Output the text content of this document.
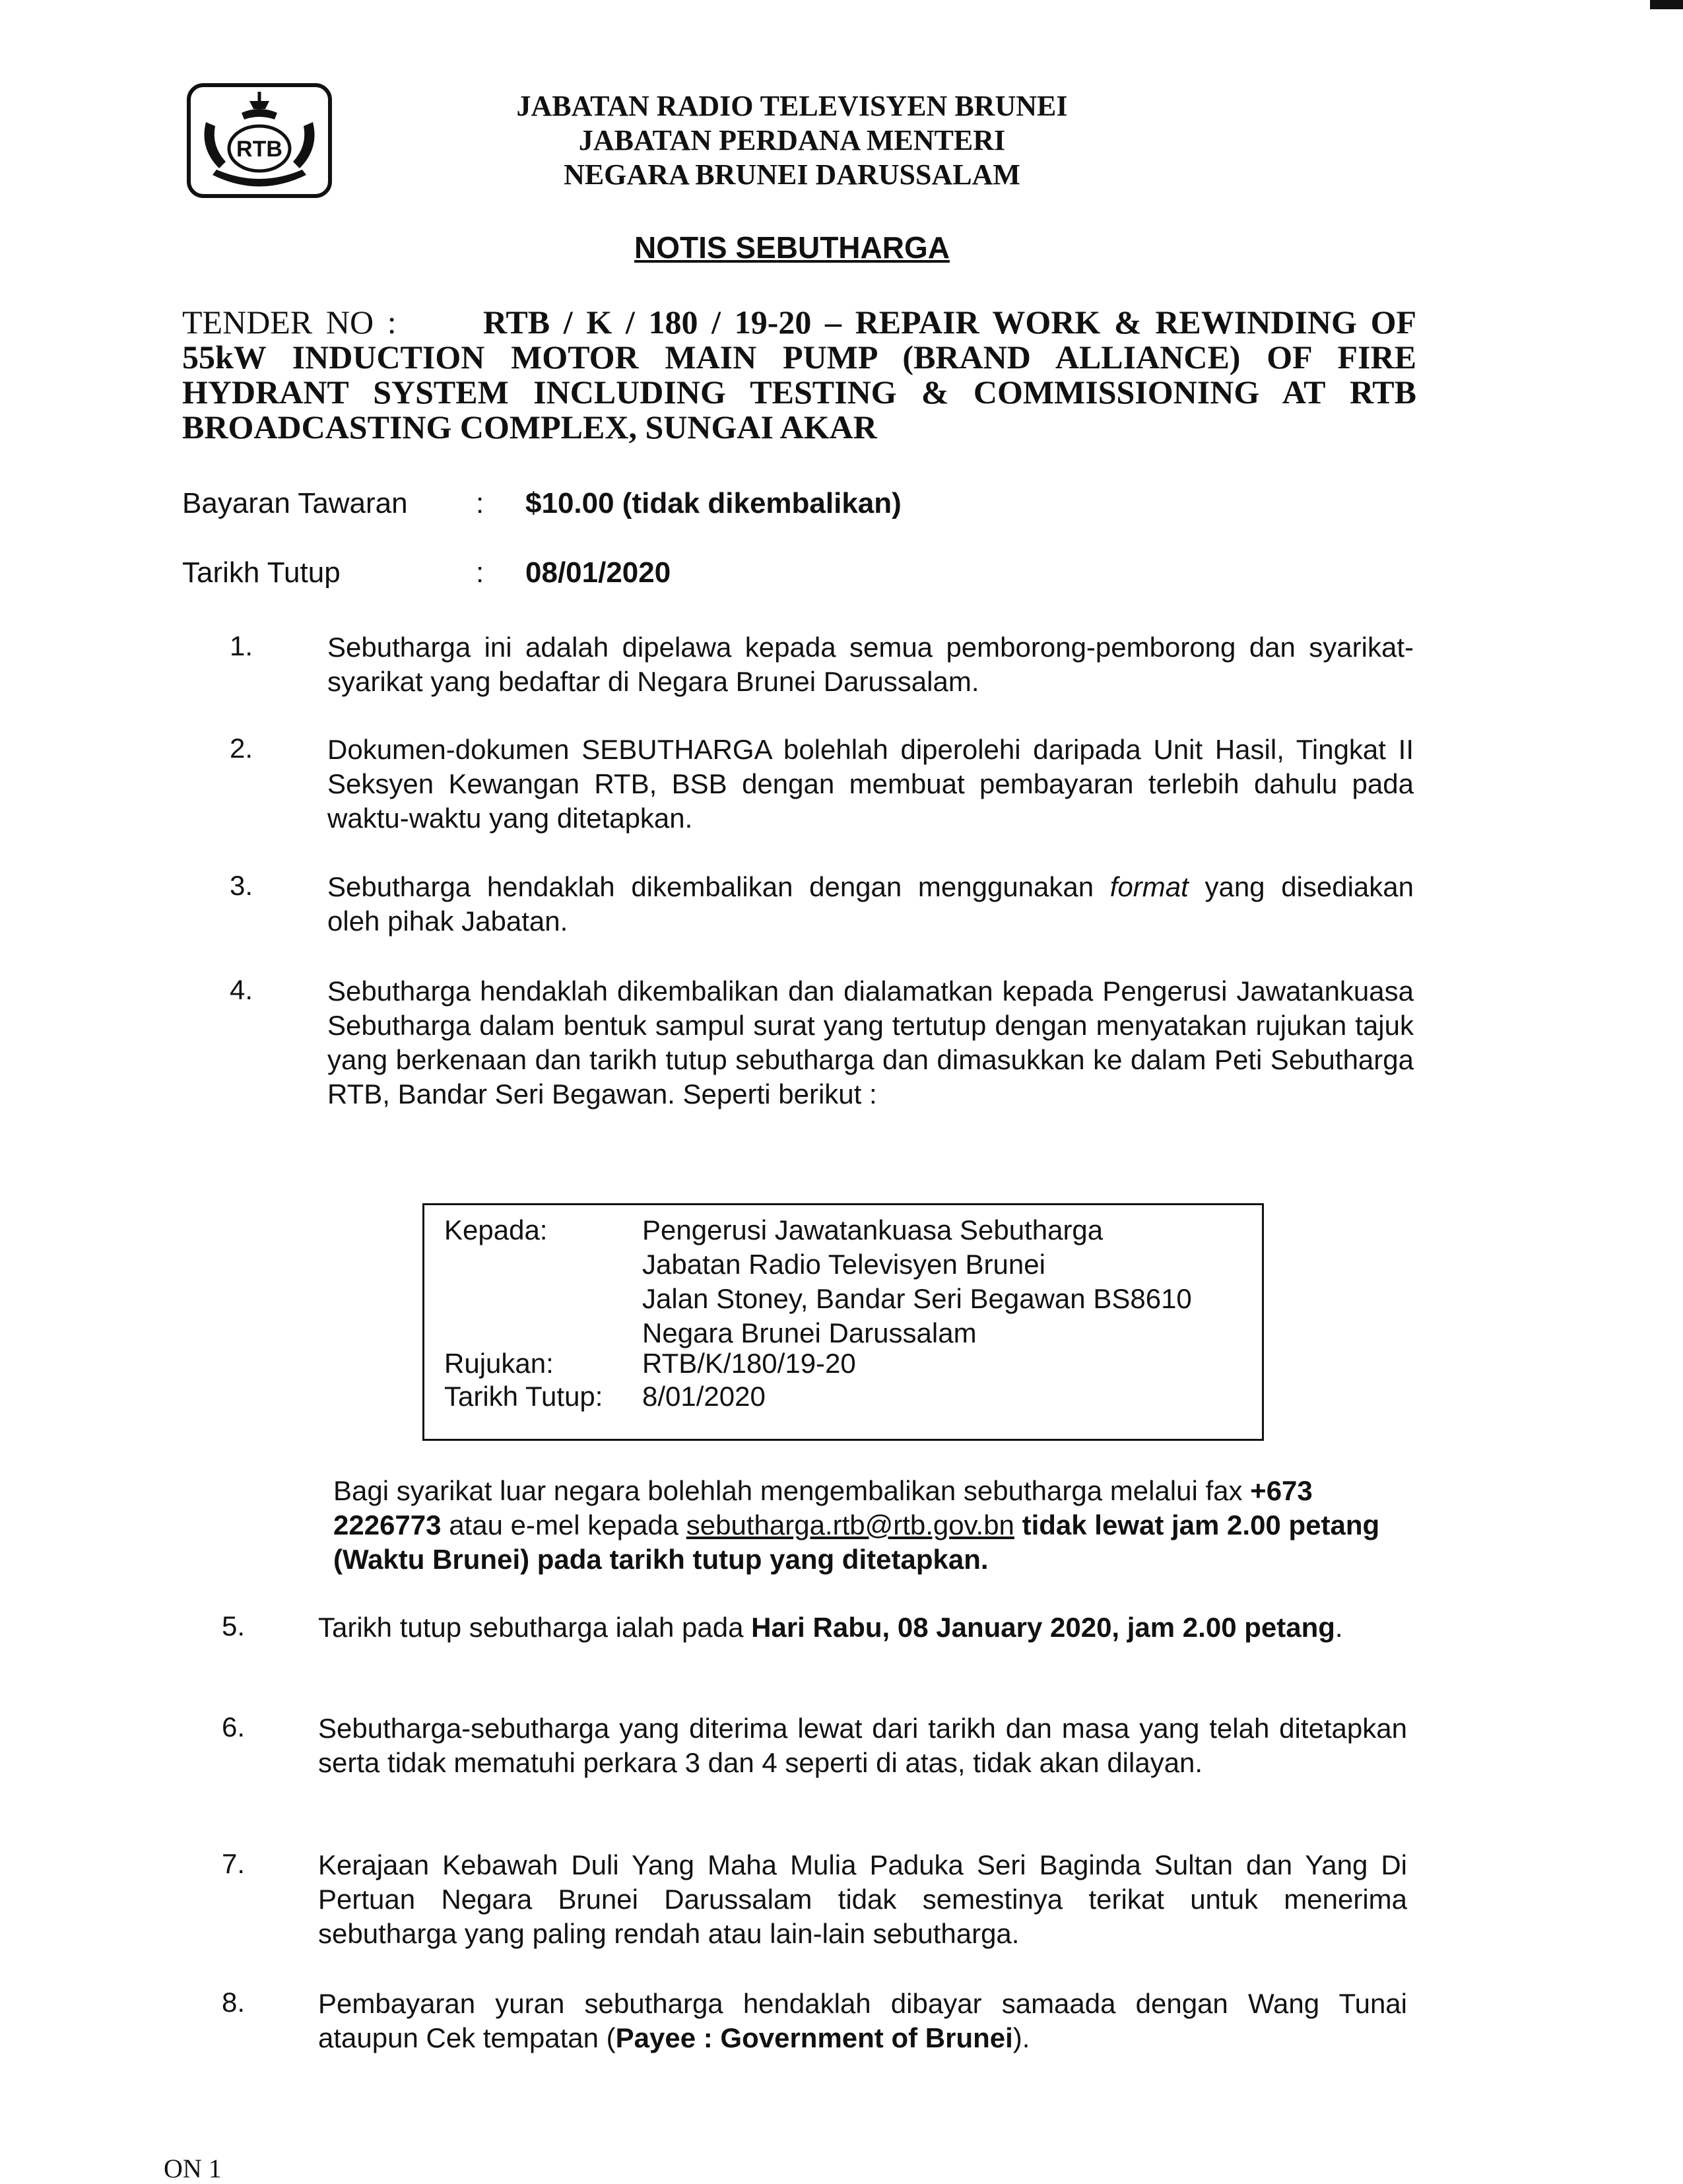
RTB
JABATAN RADIO TELEVISYEN BRUNEI
JABATAN PERDANA MENTERI
NEGARA BRUNEI DARUSSALAM
NOTIS SEBUTHARGA
TENDER NO :	RTB / K / 180 / 19-20 – REPAIR WORK & REWINDING OF
55kW INDUCTION MOTOR MAIN PUMP (BRAND ALLIANCE) OF FIRE
HYDRANT SYSTEM INCLUDING TESTING & COMMISSIONING AT RTB
BROADCASTING COMPLEX, SUNGAI AKAR
Bayaran Tawaran : $10.00 (tidak dikembalikan)
Tarikh Tutup	: 08/01/2020
1.	Sebutharga ini adalah dipelawa kepada semua pemborong-pemborong dan syarikat-syarikat yang bedaftar di Negara Brunei Darussalam.
2.	Dokumen-dokumen SEBUTHARGA bolehlah diperolehi daripada Unit Hasil, Tingkat II Seksyen Kewangan RTB, BSB dengan membuat pembayaran terlebih dahulu pada waktu-waktu yang ditetapkan.
3.	Sebutharga hendaklah dikembalikan dengan menggunakan format yang disediakan oleh pihak Jabatan.
4.	Sebutharga hendaklah dikembalikan dan dialamatkan kepada Pengerusi Jawatankuasa Sebutharga dalam bentuk sampul surat yang tertutup dengan menyatakan rujukan tajuk yang berkenaan dan tarikh tutup sebutharga dan dimasukkan ke dalam Peti Sebutharga RTB, Bandar Seri Begawan. Seperti berikut :
Kepada:	Pengerusi Jawatankuasa Sebutharga
Jabatan Radio Televisyen Brunei
Jalan Stoney, Bandar Seri Begawan BS8610
Negara Brunei Darussalam
Rujukan:	RTB/K/180/19-20
Tarikh Tutup: 8/01/2020
Bagi syarikat luar negara bolehlah mengembalikan sebutharga melalui fax +673 2226773 atau e-mel kepada sebutharga.rtb@rtb.gov.bn tidak lewat jam 2.00 petang (Waktu Brunei) pada tarikh tutup yang ditetapkan.
5.	Tarikh tutup sebutharga ialah pada Hari Rabu, 08 January 2020, jam 2.00 petang.
6.	Sebutharga-sebutharga yang diterima lewat dari tarikh dan masa yang telah ditetapkan serta tidak mematuhi perkara 3 dan 4 seperti di atas, tidak akan dilayan.
7.	Kerajaan Kebawah Duli Yang Maha Mulia Paduka Seri Baginda Sultan dan Yang Di Pertuan Negara Brunei Darussalam tidak semestinya terikat untuk menerima sebutharga yang paling rendah atau lain-lain sebutharga.
8.	Pembayaran yuran sebutharga hendaklah dibayar samaada dengan Wang Tunai ataupun Cek tempatan (Payee : Government of Brunei).
ON 1
